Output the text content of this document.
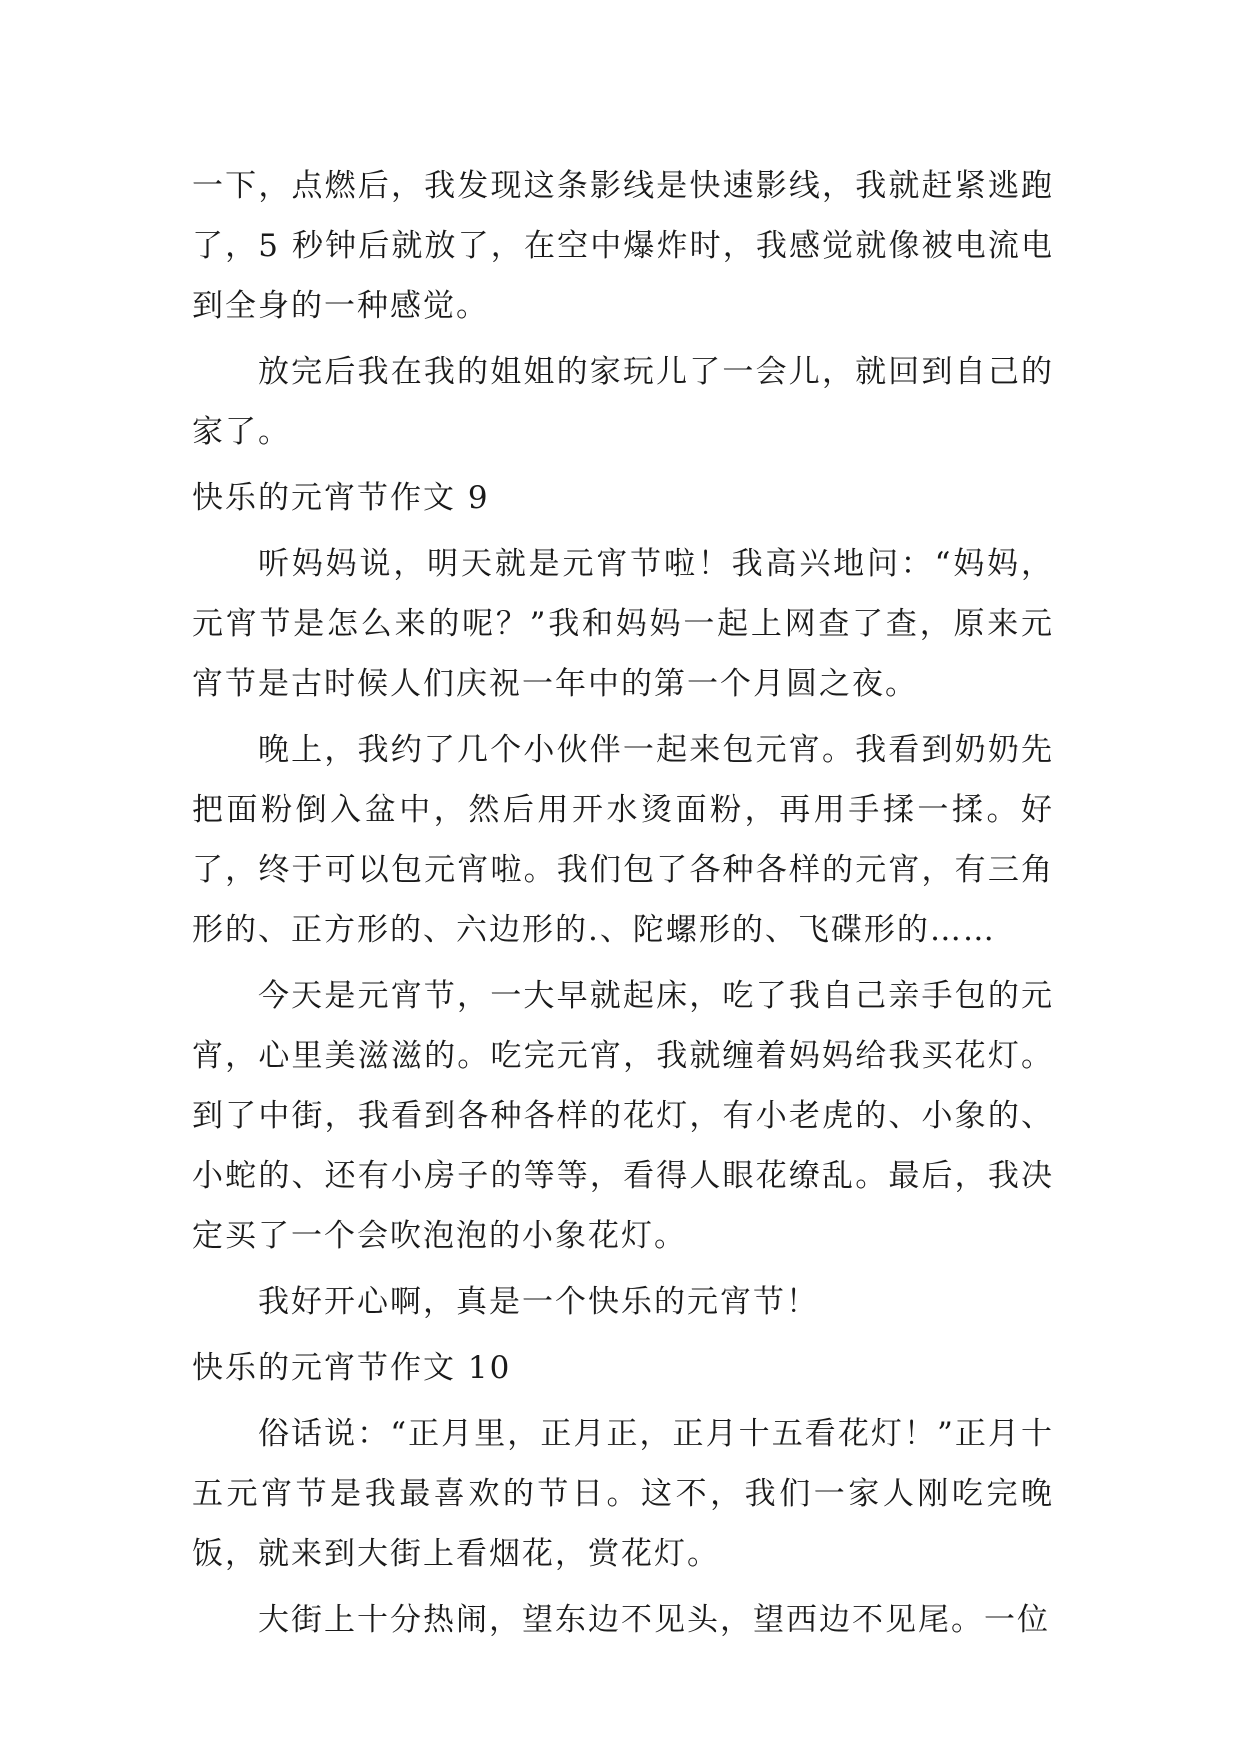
一下，点燃后，我发现这条影线是快速影线，我就赶紧逃跑了，5 秒钟后就放了，在空中爆炸时，我感觉就像被电流电到全身的一种感觉。

放完后我在我的姐姐的家玩儿了一会儿，就回到自己的家了。

快乐的元宵节作文 9

听妈妈说，明天就是元宵节啦！我高兴地问：“妈妈，元宵节是怎么来的呢？”我和妈妈一起上网查了查，原来元宵节是古时候人们庆祝一年中的第一个月圆之夜。

晚上，我约了几个小伙伴一起来包元宵。我看到奶奶先把面粉倒入盆中，然后用开水烫面粉，再用手揉一揉。好了，终于可以包元宵啦。我们包了各种各样的元宵，有三角形的、正方形的、六边形的.、陀螺形的、飞碟形的……

今天是元宵节，一大早就起床，吃了我自己亲手包的元宵，心里美滋滋的。吃完元宵，我就缠着妈妈给我买花灯。到了中街，我看到各种各样的花灯，有小老虎的、小象的、小蛇的、还有小房子的等等，看得人眼花缭乱。最后，我决定买了一个会吹泡泡的小象花灯。

我好开心啊，真是一个快乐的元宵节！

快乐的元宵节作文 10

俗话说：“正月里，正月正，正月十五看花灯！”正月十五元宵节是我最喜欢的节日。这不，我们一家人刚吃完晚饭，就来到大街上看烟花，赏花灯。

大街上十分热闹，望东边不见头，望西边不见尾。一位
